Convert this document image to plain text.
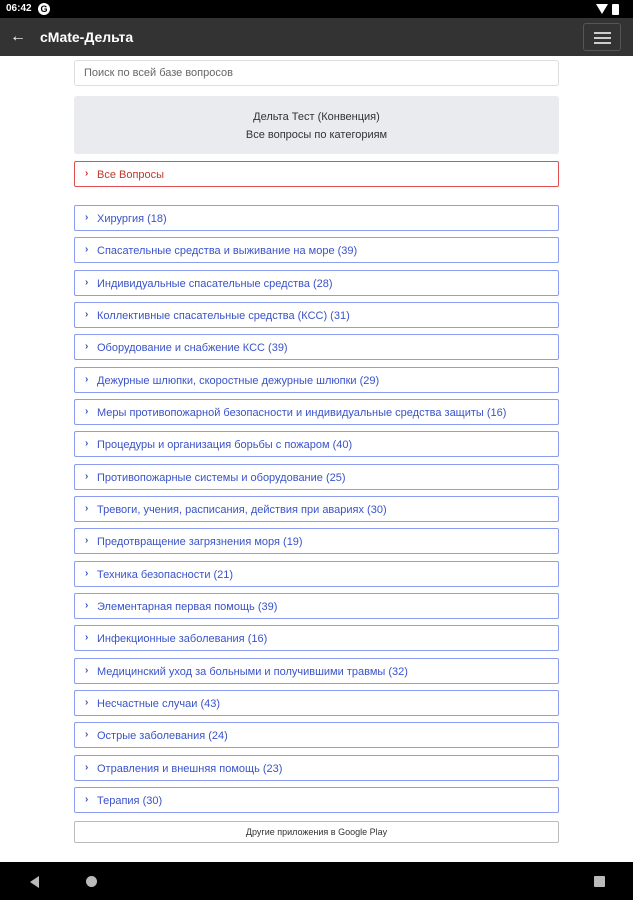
06:42 G
← cMate-Дельта
Поиск по всей базе вопросов
Дельта Тест (Конвенция)
Все вопросы по категориям
› Все Вопросы
› Хирургия (18)
› Спасательные средства и выживание на море (39)
› Индивидуальные спасательные средства (28)
› Коллективные спасательные средства (КСС) (31)
› Оборудование и снабжение КСС (39)
› Дежурные шлюпки, скоростные дежурные шлюпки (29)
› Меры противопожарной безопасности и индивидуальные средства защиты (16)
› Процедуры и организация борьбы с пожаром (40)
› Противопожарные системы и оборудование (25)
› Тревоги, учения, расписания, действия при авариях (30)
› Предотвращение загрязнения моря (19)
› Техника безопасности (21)
› Элементарная первая помощь (39)
› Инфекционные заболевания (16)
› Медицинский уход за больными и получившими травмы (32)
› Несчастные случаи (43)
› Острые заболевания (24)
› Отравления и внешняя помощь (23)
› Терапия (30)
Другие приложения в Google Play
